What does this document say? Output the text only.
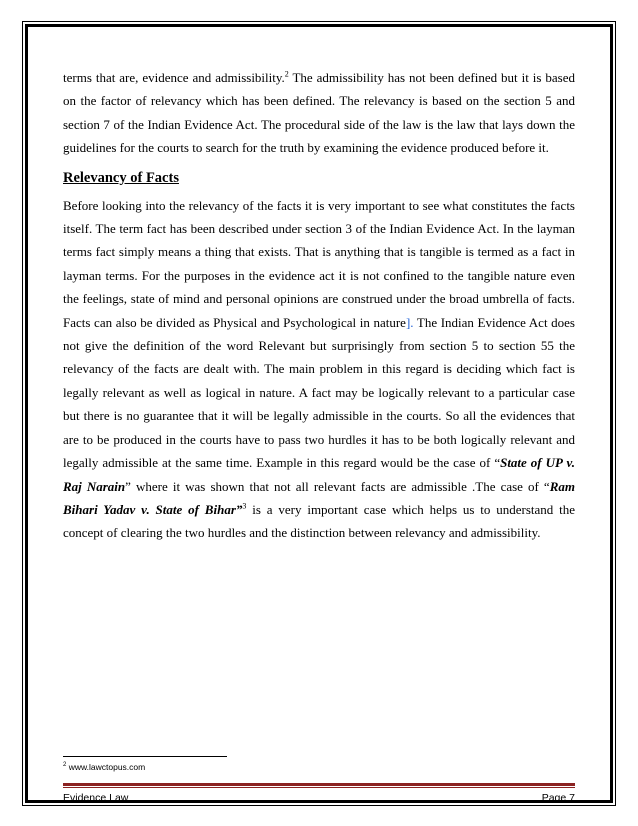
terms that are, evidence and admissibility.$^2$ The admissibility has not been defined but it is based on the factor of relevancy which has been defined. The relevancy is based on the section 5 and section 7 of the Indian Evidence Act. The procedural side of the law is the law that lays down the guidelines for the courts to search for the truth by examining the evidence produced before it.

Relevancy of Facts

Before looking into the relevancy of the facts it is very important to see what constitutes the facts itself. The term fact has been described under section 3 of the Indian Evidence Act. In the layman terms fact simply means a thing that exists. That is anything that is tangible is termed as a fact in layman terms. For the purposes in the evidence act it is not confined to the tangible nature even the feelings, state of mind and personal opinions are construed under the broad umbrella of facts. Facts can also be divided as Physical and Psychological in nature]. The Indian Evidence Act does not give the definition of the word Relevant but surprisingly from section 5 to section 55 the relevancy of the facts are dealt with. The main problem in this regard is deciding which fact is legally relevant as well as logical in nature. A fact may be logically relevant to a particular case but there is no guarantee that it will be legally admissible in the courts. So all the evidences that are to be produced in the courts have to pass two hurdles it has to be both logically relevant and legally admissible at the same time. Example in this regard would be the case of “State of UP v. Raj Narain” where it was shown that not all relevant facts are admissible .The case of “Ram Bihari Yadav v. State of Bihar”$^3$ is a very important case which helps us to understand the concept of clearing the two hurdles and the distinction between relevancy and admissibility.

$^2$ www.lawctopus.com
Evidence Law	Page 7
